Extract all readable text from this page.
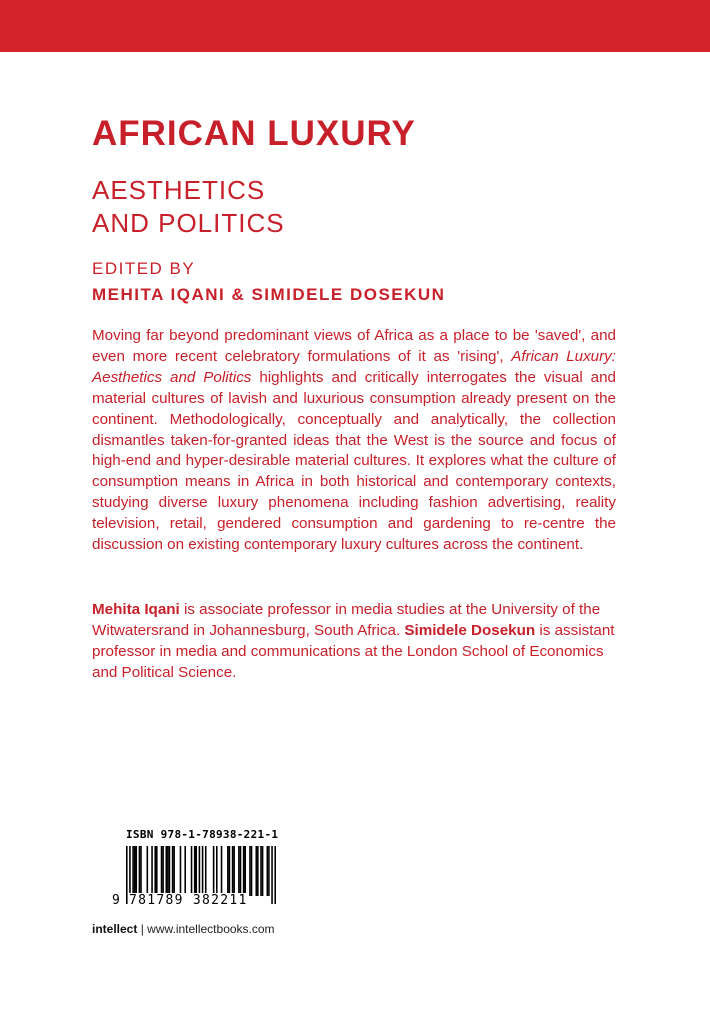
AFRICAN LUXURY
AESTHETICS
AND POLITICS
EDITED BY
MEHITA IQANI & SIMIDELE DOSEKUN

Moving far beyond predominant views of Africa as a place to be 'saved', and even more recent celebratory formulations of it as 'rising', African Luxury: Aesthetics and Politics highlights and critically interrogates the visual and material cultures of lavish and luxurious consumption already present on the continent. Methodologically, conceptually and analytically, the collection dismantles taken-for-granted ideas that the West is the source and focus of high-end and hyper-desirable material cultures. It explores what the culture of consumption means in Africa in both historical and contemporary contexts, studying diverse luxury phenomena including fashion advertising, reality television, retail, gendered consumption and gardening to re-centre the discussion on existing contemporary luxury cultures across the continent.

Mehita Iqani is associate professor in media studies at the University of the Witwatersrand in Johannesburg, South Africa. Simidele Dosekun is assistant professor in media and communications at the London School of Economics and Political Science.

ISBN 978-1-78938-221-1
9 781789 382211
intellect | www.intellectbooks.com
